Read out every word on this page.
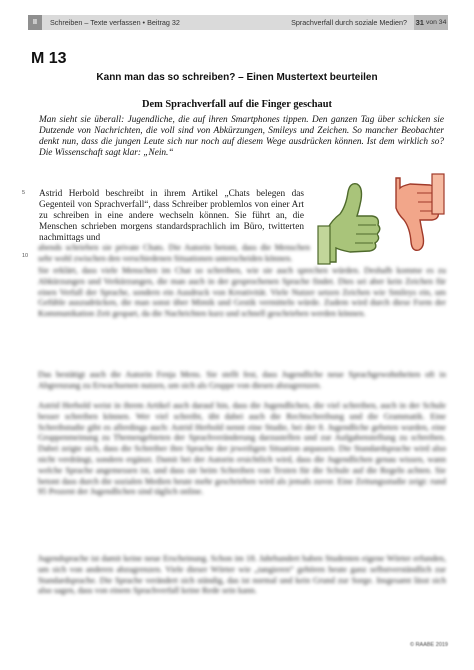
II	Schreiben – Texte verfassen • Beitrag 32	Sprachverfall durch soziale Medien? 31 von 34
M 13
Kann man das so schreiben? – Einen Mustertext beurteilen
Dem Sprachverfall auf die Finger geschaut

Man sieht sie überall: Jugendliche, die auf ihren Smartphones tippen. Den ganzen Tag über schicken sie Dutzende von Nachrichten, die voll sind von Abkürzungen, Smileys und Zeichen. So mancher Beobachter denkt nun, dass die jungen Leute sich nur noch auf diesem Wege ausdrücken können. Ist dem wirklich so? Die Wissenschaft sagt klar: „Nein.“

5
10

Astrid Herbold beschreibt in ihrem Artikel „Chats belegen das Gegenteil von Sprachverfall“, dass Schreiber problemlos von einer Art zu schreiben in eine andere wechseln können. Sie führt an, die Menschen schrieben morgens standardsprachlich im Büro, twitterten nachmittags und

abends schrieben sie private Chats. Die Autorin betont, dass die Menschen sehr wohl zwischen den verschiedenen Situationen unterscheiden können.

Sie erklärt, dass viele Menschen im Chat so schreiben, wie sie auch sprechen würden. Deshalb komme es zu Abkürzungen und Verkürzungen, die man auch in der gesprochenen Sprache findet. Dies sei aber kein Zeichen für einen Verfall der Sprache, sondern ein Ausdruck von Kreativität. Viele Nutzer setzen Zeichen wie Smileys ein, um Gefühle auszudrücken, die man sonst über Mimik und Gestik vermitteln würde. Zudem wird durch diese Form der Kommunikation Zeit gespart, da die Nachrichten kurz und schnell geschrieben werden können.

Das bestätigt auch die Autorin Fenja Mens. Sie stellt fest, dass Jugendliche neue Sprachgewohnheiten oft in Abgrenzung zu Erwachsenen nutzen, um sich als Gruppe von diesen abzugrenzen.

Astrid Herbold weist in ihrem Artikel auch darauf hin, dass die Jugendlichen, die viel schreiben, auch in der Schule besser schreiben können. Wer viel schreibt, übt dabei auch die Rechtschreibung und die Grammatik. Eine Schreibstudie gibt es allerdings auch: Astrid Herbold nennt eine Studie, bei der 8. Jugendliche gebeten wurden, eine Gruppenmeinung zu Themengebieten der Sprachveränderung darzustellen und zur Aufgabenstellung zu schreiben. Dabei zeigte sich, dass die Schreiber ihre Sprache der jeweiligen Situation anpassen. Die Standardsprache wird also nicht verdrängt, sondern ergänzt. Damit bei der Autorin ersichtlich wird, dass die Jugendlichen genau wissen, wann welche Sprache angemessen ist, und dass sie beim Schreiben von Texten für die Schule auf die Regeln achten. Sie betont dass durch die sozialen Medien heute mehr geschrieben wird als jemals zuvor. Eine Zeitungsstudie zeigt: rund 95 Prozent der Jugendlichen sind täglich online.

Jugendsprache ist damit keine neue Erscheinung. Schon im 18. Jahrhundert haben Studenten eigene Wörter erfunden, um sich von anderen abzugrenzen. Viele dieser Wörter wie „tangieren“ gehören heute ganz selbstverständlich zur Standardsprache. Die Sprache verändert sich ständig, das ist normal und kein Grund zur Sorge. Insgesamt lässt sich also sagen, dass von einem Sprachverfall keine Rede sein kann.

© RAABE 2019
